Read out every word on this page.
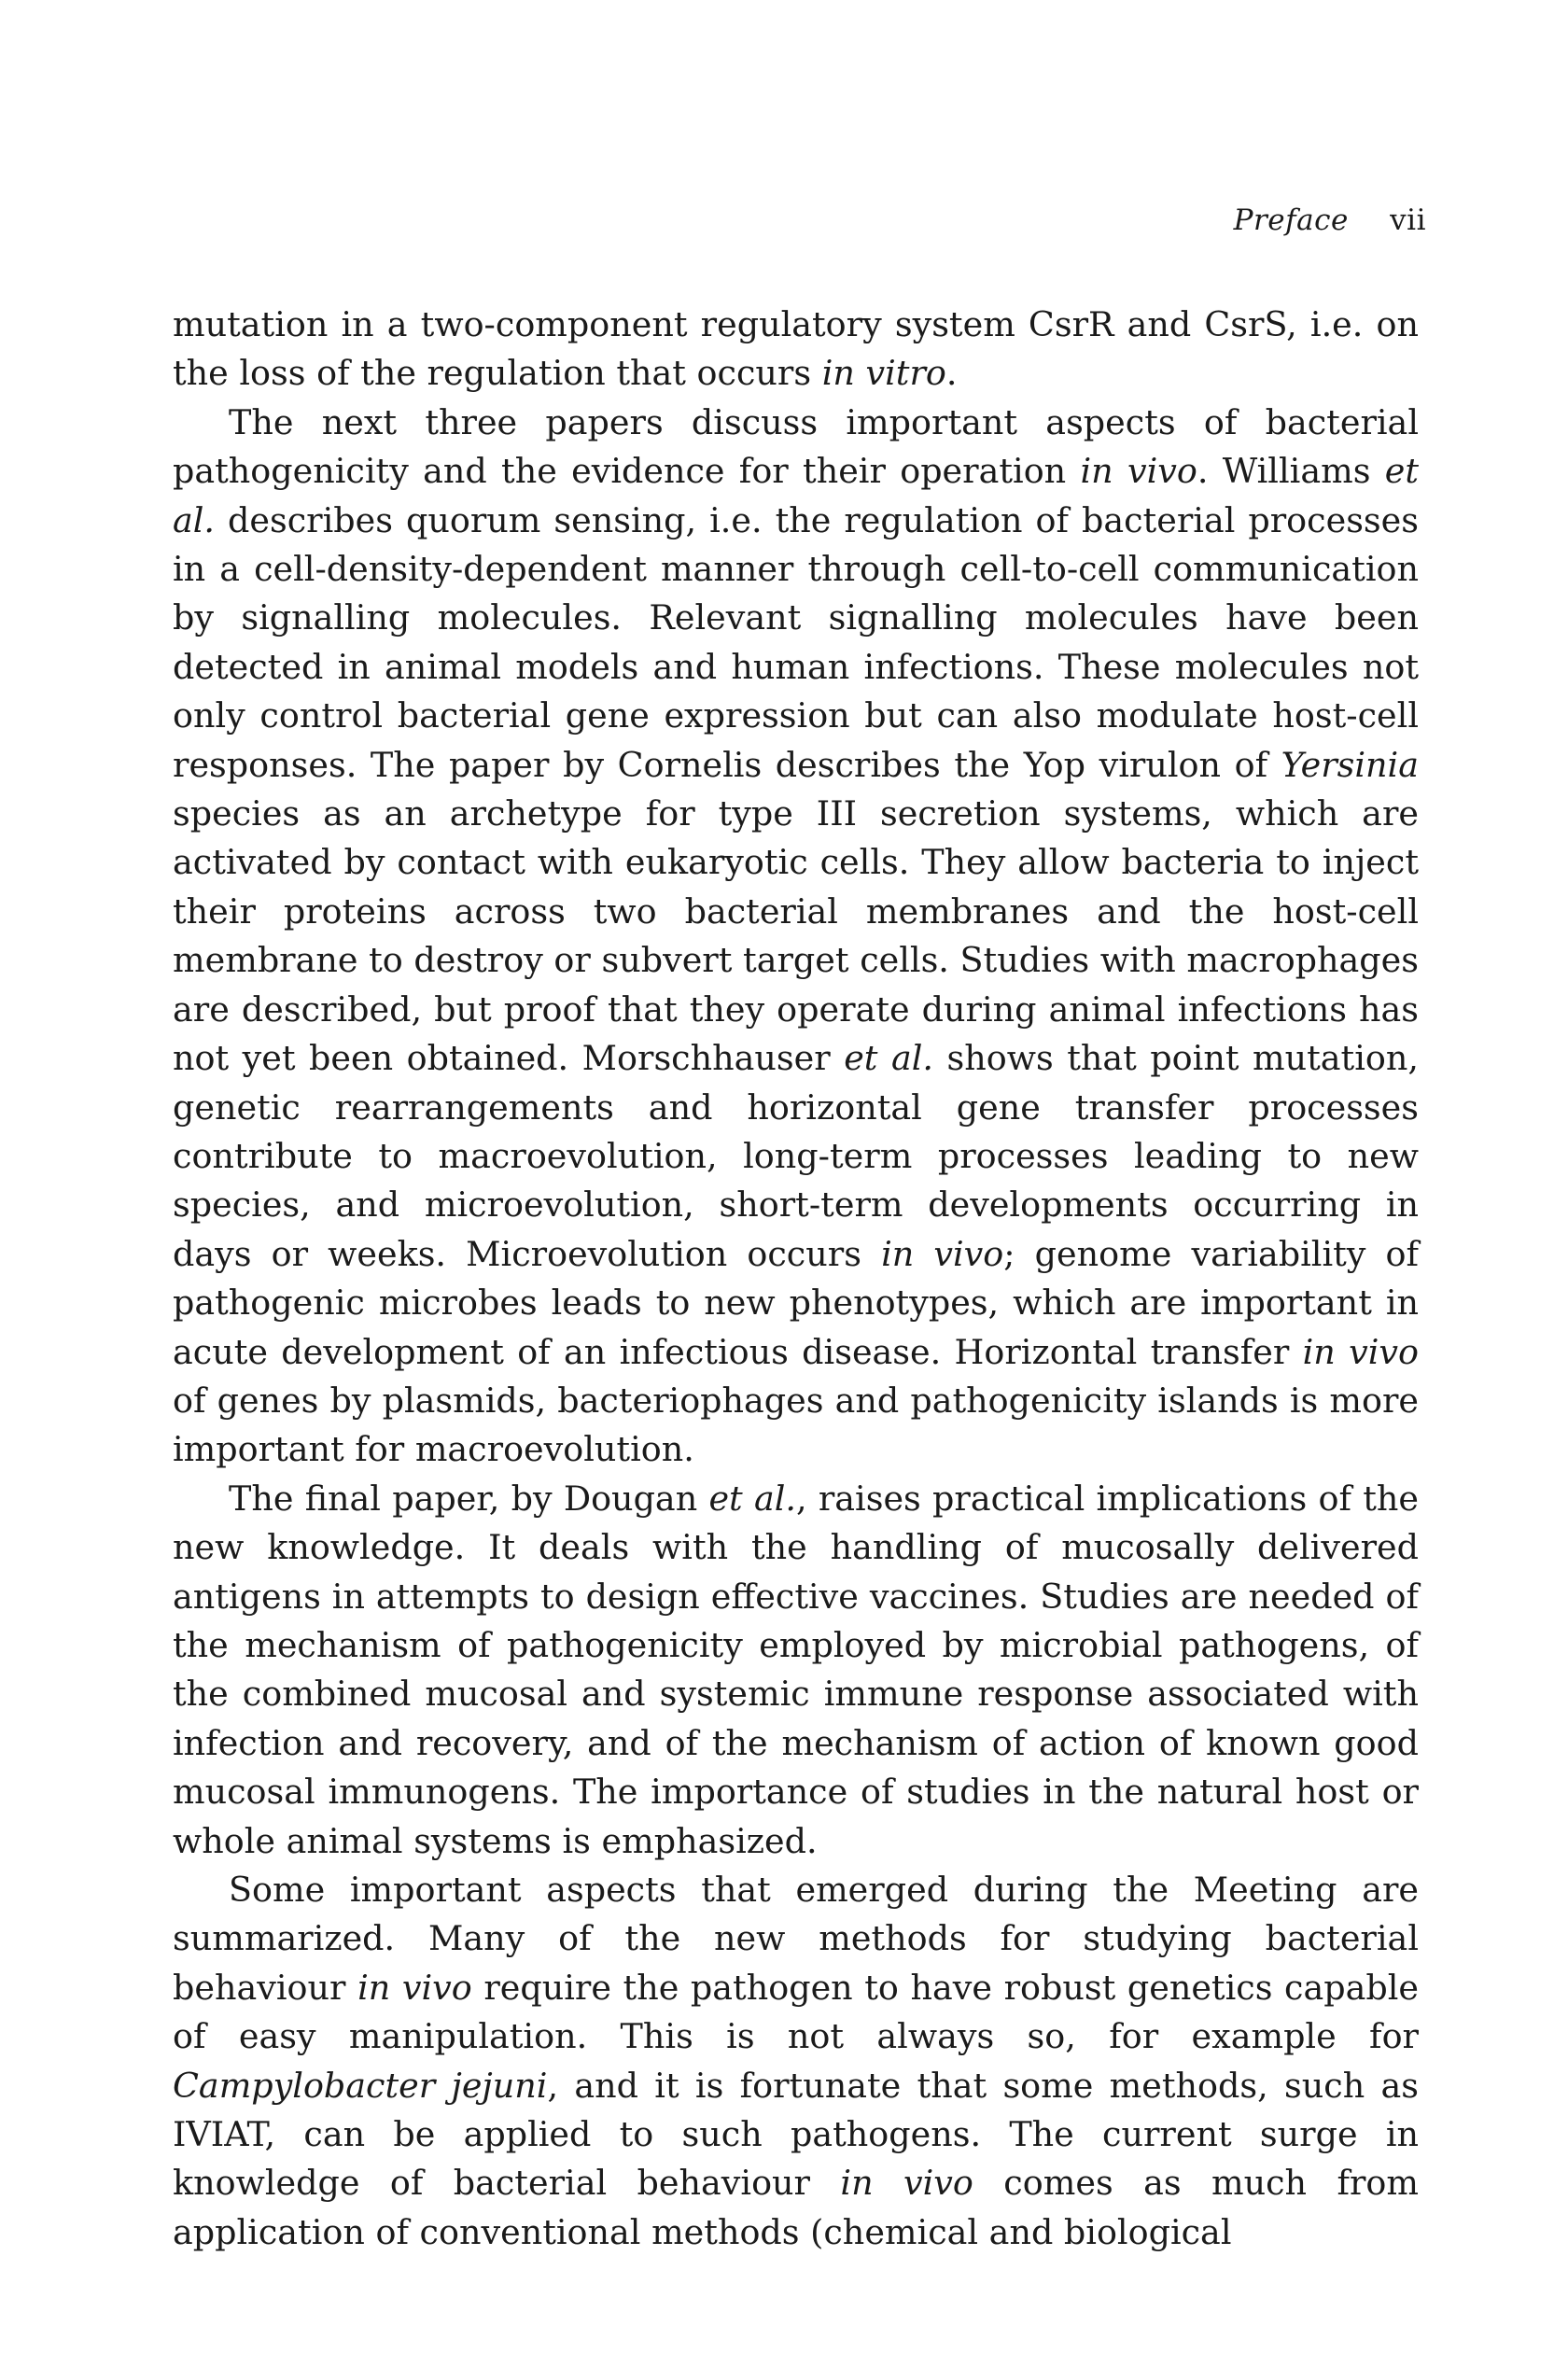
Preface vii

mutation in a two-component regulatory system CsrR and CsrS, i.e. on the loss of the regulation that occurs in vitro.

The next three papers discuss important aspects of bacterial pathogenicity and the evidence for their operation in vivo. Williams et al. describes quorum sensing, i.e. the regulation of bacterial processes in a cell-density-dependent manner through cell-to-cell communication by signalling molecules. Relevant signalling molecules have been detected in animal models and human infections. These molecules not only control bacterial gene expression but can also modulate host-cell responses. The paper by Cornelis describes the Yop virulon of Yersinia species as an archetype for type III secretion systems, which are activated by contact with eukaryotic cells. They allow bacteria to inject their proteins across two bacterial membranes and the host-cell membrane to destroy or subvert target cells. Studies with macrophages are described, but proof that they operate during animal infections has not yet been obtained. Morschhauser et al. shows that point mutation, genetic rearrangements and horizontal gene transfer processes contribute to macroevolution, long-term processes leading to new species, and microevolution, short-term developments occurring in days or weeks. Microevolution occurs in vivo; genome variability of pathogenic microbes leads to new phenotypes, which are important in acute development of an infectious disease. Horizontal transfer in vivo of genes by plasmids, bacteriophages and pathogenicity islands is more important for macroevolution.

The final paper, by Dougan et al., raises practical implications of the new knowledge. It deals with the handling of mucosally delivered antigens in attempts to design effective vaccines. Studies are needed of the mechanism of pathogenicity employed by microbial pathogens, of the combined mucosal and systemic immune response associated with infection and recovery, and of the mechanism of action of known good mucosal immunogens. The importance of studies in the natural host or whole animal systems is emphasized.

Some important aspects that emerged during the Meeting are summarized. Many of the new methods for studying bacterial behaviour in vivo require the pathogen to have robust genetics capable of easy manipulation. This is not always so, for example for Campylobacter jejuni, and it is fortunate that some methods, such as IVIAT, can be applied to such pathogens. The current surge in knowledge of bacterial behaviour in vivo comes as much from application of conventional methods (chemical and biological
